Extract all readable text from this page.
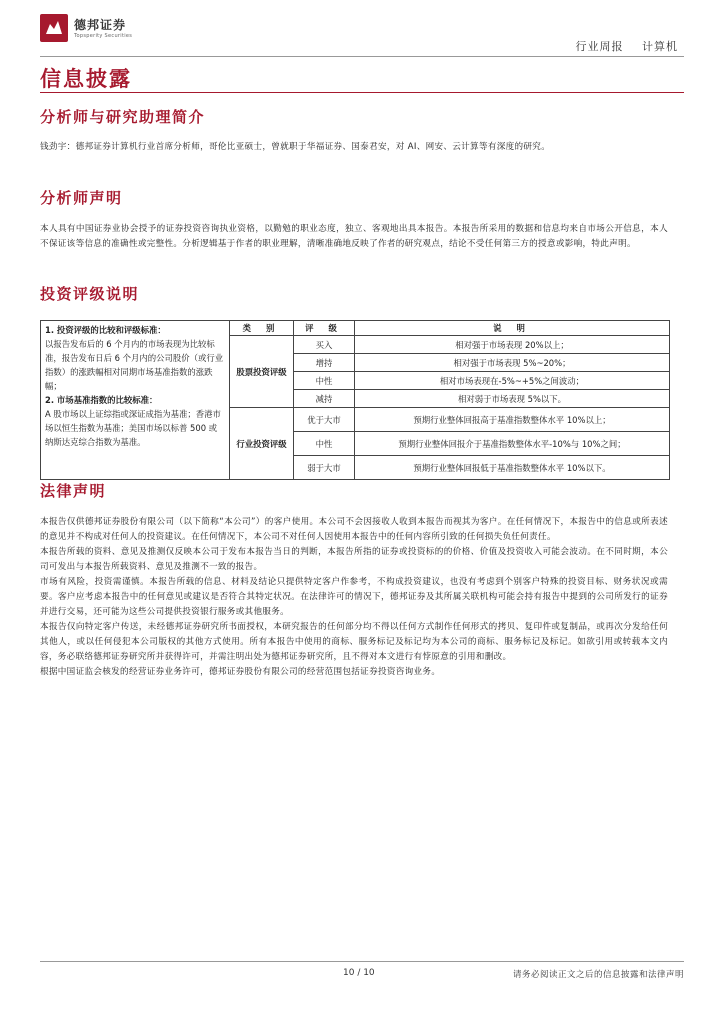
德邦证券
Topsperity Securities
行业周报 计算机
信息披露
分析师与研究助理简介
钱劲宇：德邦证券计算机行业首席分析师，哥伦比亚硕士，曾就职于华福证券、国泰君安，对 AI、网安、云计算等有深度的研究。
分析师声明
本人具有中国证券业协会授予的证券投资咨询执业资格，以勤勉的职业态度，独立、客观地出具本报告。本报告所采用的数据和信息均来自市场公开信息，本人不保证该等信息的准确性或完整性。分析逻辑基于作者的职业理解，清晰准确地反映了作者的研究观点，结论不受任何第三方的授意或影响，特此声明。
投资评级说明
1. 投资评级的比较和评级标准：
以报告发布后的 6 个月内的市场表现为比较标准，报告发布日后 6 个月内的公司股价（或行业指数）的涨跌幅相对同期市场基准指数的涨跌幅；
2. 市场基准指数的比较标准：
A 股市场以上证综指或深证成指为基准；香港市场以恒生指数为基准；美国市场以标普 500 或纳斯达克综合指数为基准。	类 别	评 级	说 明
	股票投资评级	买入	相对强于市场表现 20%以上；
		增持	相对强于市场表现 5%~20%；
		中性	相对市场表现在-5%~+5%之间波动；
		减持	相对弱于市场表现 5%以下。
	行业投资评级	优于大市	预期行业整体回报高于基准指数整体水平 10%以上；
		中性	预期行业整体回报介于基准指数整体水平-10%与 10%之间；
		弱于大市	预期行业整体回报低于基准指数整体水平 10%以下。
法律声明

本报告仅供德邦证券股份有限公司（以下简称“本公司”）的客户使用。本公司不会因接收人收到本报告而视其为客户。在任何情况下，本报告中的信息或所表述的意见并不构成对任何人的投资建议。在任何情况下，本公司不对任何人因使用本报告中的任何内容所引致的任何损失负任何责任。

本报告所载的资料、意见及推测仅反映本公司于发布本报告当日的判断，本报告所指的证券或投资标的的价格、价值及投资收入可能会波动。在不同时期，本公司可发出与本报告所载资料、意见及推测不一致的报告。

市场有风险，投资需谨慎。本报告所载的信息、材料及结论只提供特定客户作参考，不构成投资建议，也没有考虑到个别客户特殊的投资目标、财务状况或需要。客户应考虑本报告中的任何意见或建议是否符合其特定状况。在法律许可的情况下，德邦证券及其所属关联机构可能会持有报告中提到的公司所发行的证券并进行交易，还可能为这些公司提供投资银行服务或其他服务。

本报告仅向特定客户传送，未经德邦证券研究所书面授权，本研究报告的任何部分均不得以任何方式制作任何形式的拷贝、复印件或复制品，或再次分发给任何其他人，或以任何侵犯本公司版权的其他方式使用。所有本报告中使用的商标、服务标记及标记均为本公司的商标、服务标记及标记。如欲引用或转载本文内容，务必联络德邦证券研究所并获得许可，并需注明出处为德邦证券研究所，且不得对本文进行有悖原意的引用和删改。

根据中国证监会核发的经营证券业务许可，德邦证券股份有限公司的经营范围包括证券投资咨询业务。

10 / 10	请务必阅读正文之后的信息披露和法律声明
